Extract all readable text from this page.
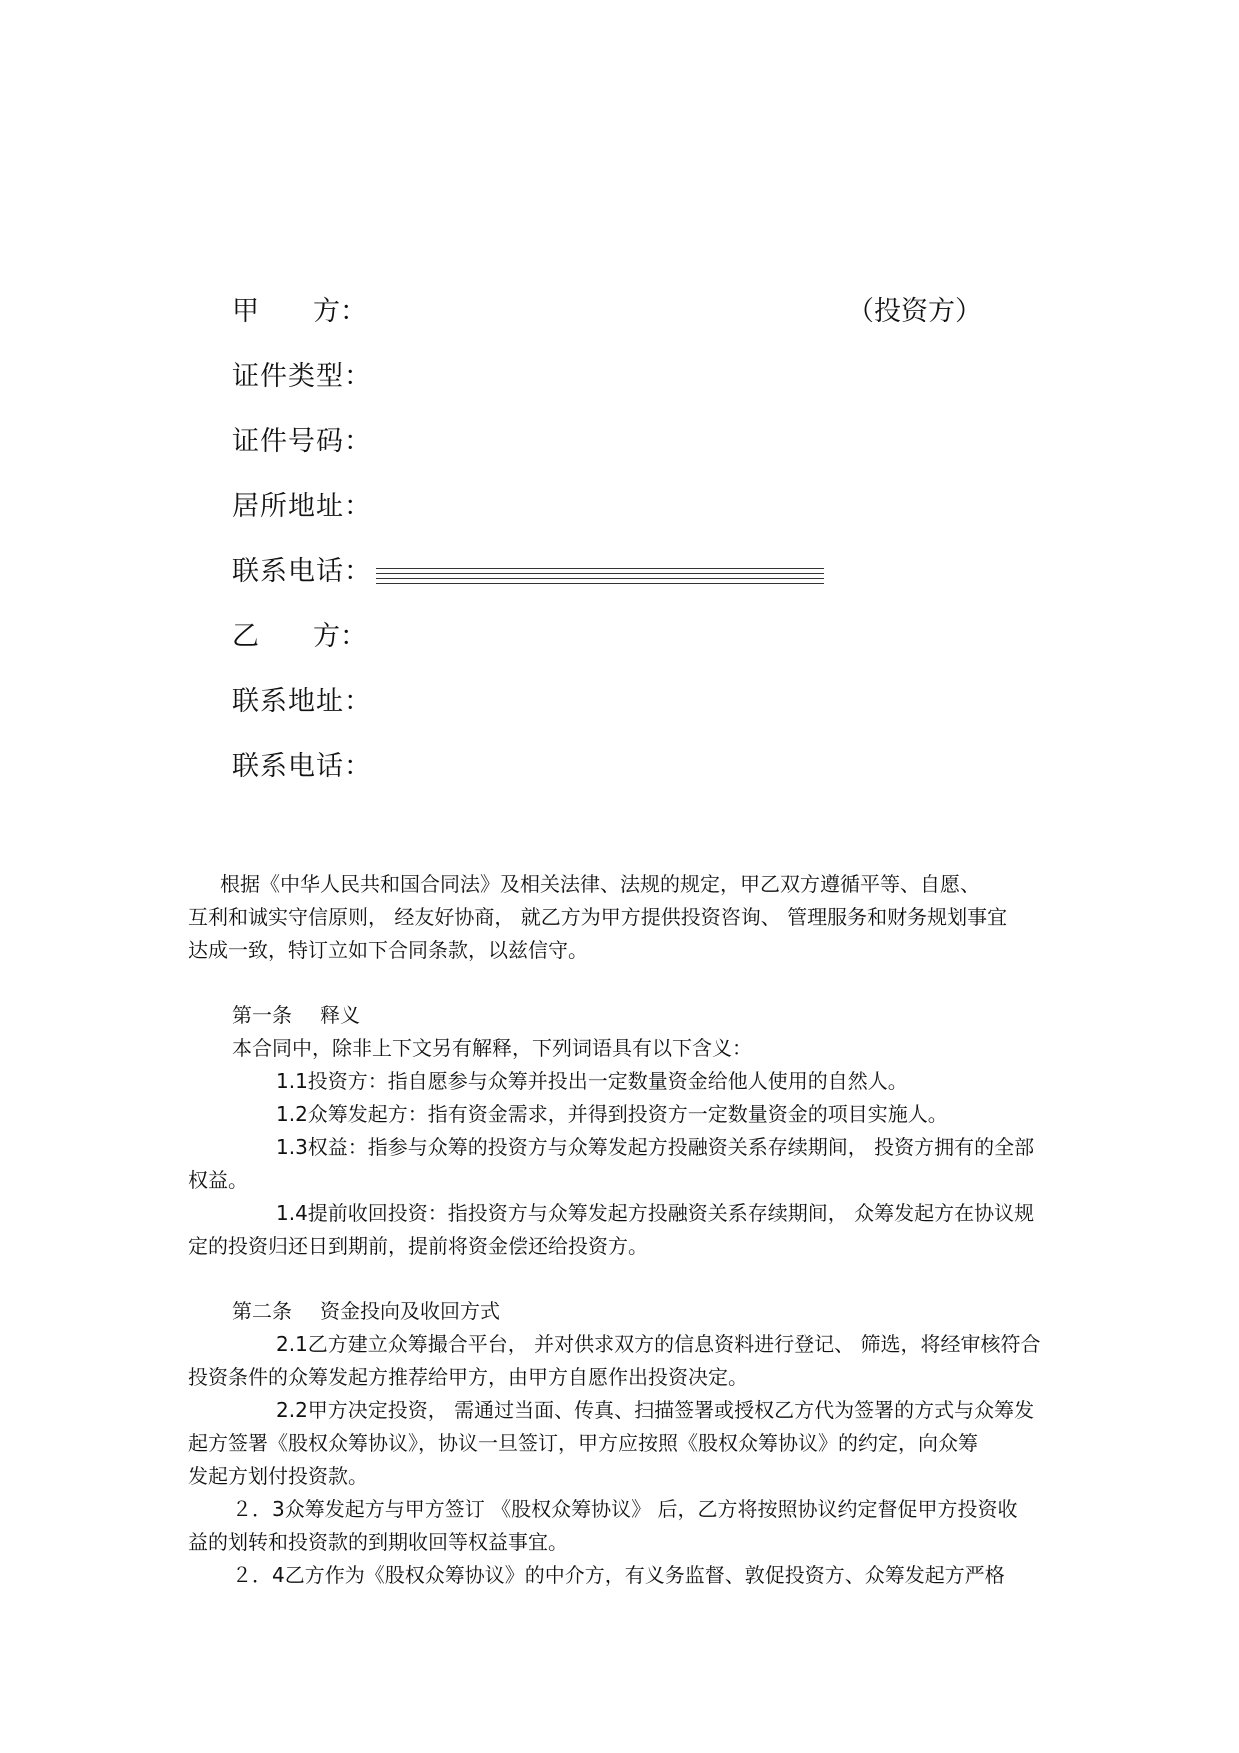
甲　　方：	（投资方）
证件类型：
证件号码：
居所地址：
联系电话：
乙　　方：
联系地址：
联系电话：

根据《中华人民共和国合同法》及相关法律、法规的规定，甲乙双方遵循平等、自愿、

互利和诚实守信原则， 经友好协商， 就乙方为甲方提供投资咨询、 管理服务和财务规划事宜

达成一致，特订立如下合同条款，以兹信守。

第一条 释义

本合同中，除非上下文另有解释，下列词语具有以下含义：

1.1投资方：指自愿参与众筹并投出一定数量资金给他人使用的自然人。

1.2众筹发起方：指有资金需求，并得到投资方一定数量资金的项目实施人。

1.3权益：指参与众筹的投资方与众筹发起方投融资关系存续期间， 投资方拥有的全部

权益。

1.4提前收回投资：指投资方与众筹发起方投融资关系存续期间， 众筹发起方在协议规

定的投资归还日到期前，提前将资金偿还给投资方。

第二条 资金投向及收回方式

2.1乙方建立众筹撮合平台， 并对供求双方的信息资料进行登记、 筛选，将经审核符合

投资条件的众筹发起方推荐给甲方，由甲方自愿作出投资决定。

2.2甲方决定投资， 需通过当面、传真、扫描签署或授权乙方代为签署的方式与众筹发

起方签署《股权众筹协议》，协议一旦签订，甲方应按照《股权众筹协议》的约定，向众筹

发起方划付投资款。

２．3众筹发起方与甲方签订 《股权众筹协议》 后，乙方将按照协议约定督促甲方投资收

益的划转和投资款的到期收回等权益事宜。

２．4乙方作为《股权众筹协议》的中介方，有义务监督、敦促投资方、众筹发起方严格
